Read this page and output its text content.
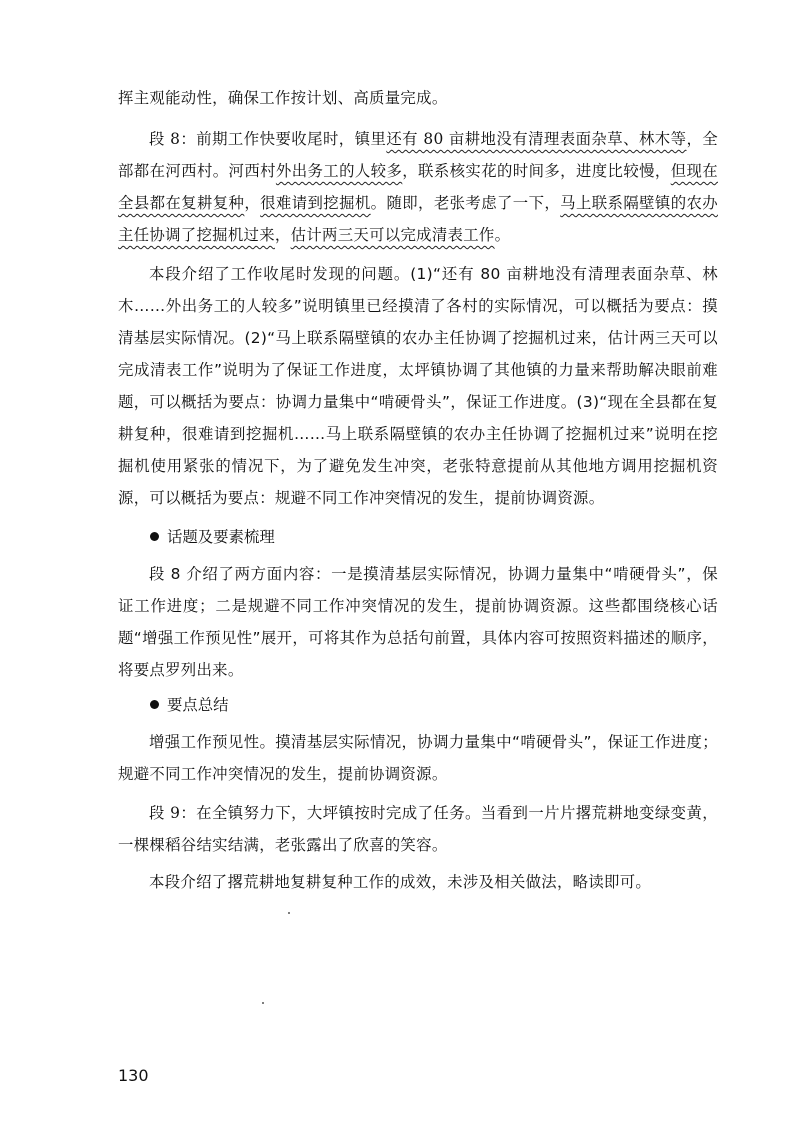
挥主观能动性，确保工作按计划、高质量完成。

段 8：前期工作快要收尾时，镇里还有 80 亩耕地没有清理表面杂草、林木等，全部都在河西村。河西村外出务工的人较多，联系核实花的时间多，进度比较慢，但现在全县都在复耕复种，很难请到挖掘机。随即，老张考虑了一下，马上联系隔壁镇的农办主任协调了挖掘机过来，估计两三天可以完成清表工作。

本段介绍了工作收尾时发现的问题。(1)“还有 80 亩耕地没有清理表面杂草、林木……外出务工的人较多”说明镇里已经摸清了各村的实际情况，可以概括为要点：摸清基层实际情况。(2)“马上联系隔壁镇的农办主任协调了挖掘机过来，估计两三天可以完成清表工作”说明为了保证工作进度，太坪镇协调了其他镇的力量来帮助解决眼前难题，可以概括为要点：协调力量集中“啃硬骨头”，保证工作进度。(3)“现在全县都在复耕复种，很难请到挖掘机……马上联系隔壁镇的农办主任协调了挖掘机过来”说明在挖掘机使用紧张的情况下，为了避免发生冲突，老张特意提前从其他地方调用挖掘机资源，可以概括为要点：规避不同工作冲突情况的发生，提前协调资源。

话题及要素梳理

段 8 介绍了两方面内容：一是摸清基层实际情况，协调力量集中“啃硬骨头”，保证工作进度；二是规避不同工作冲突情况的发生，提前协调资源。这些都围绕核心话题“增强工作预见性”展开，可将其作为总括句前置，具体内容可按照资料描述的顺序，将要点罗列出来。

要点总结

增强工作预见性。摸清基层实际情况，协调力量集中“啃硬骨头”，保证工作进度；规避不同工作冲突情况的发生，提前协调资源。

段 9：在全镇努力下，大坪镇按时完成了任务。当看到一片片撂荒耕地变绿变黄，一棵棵稻谷结实结满，老张露出了欣喜的笑容。

本段介绍了撂荒耕地复耕复种工作的成效，未涉及相关做法，略读即可。

130
